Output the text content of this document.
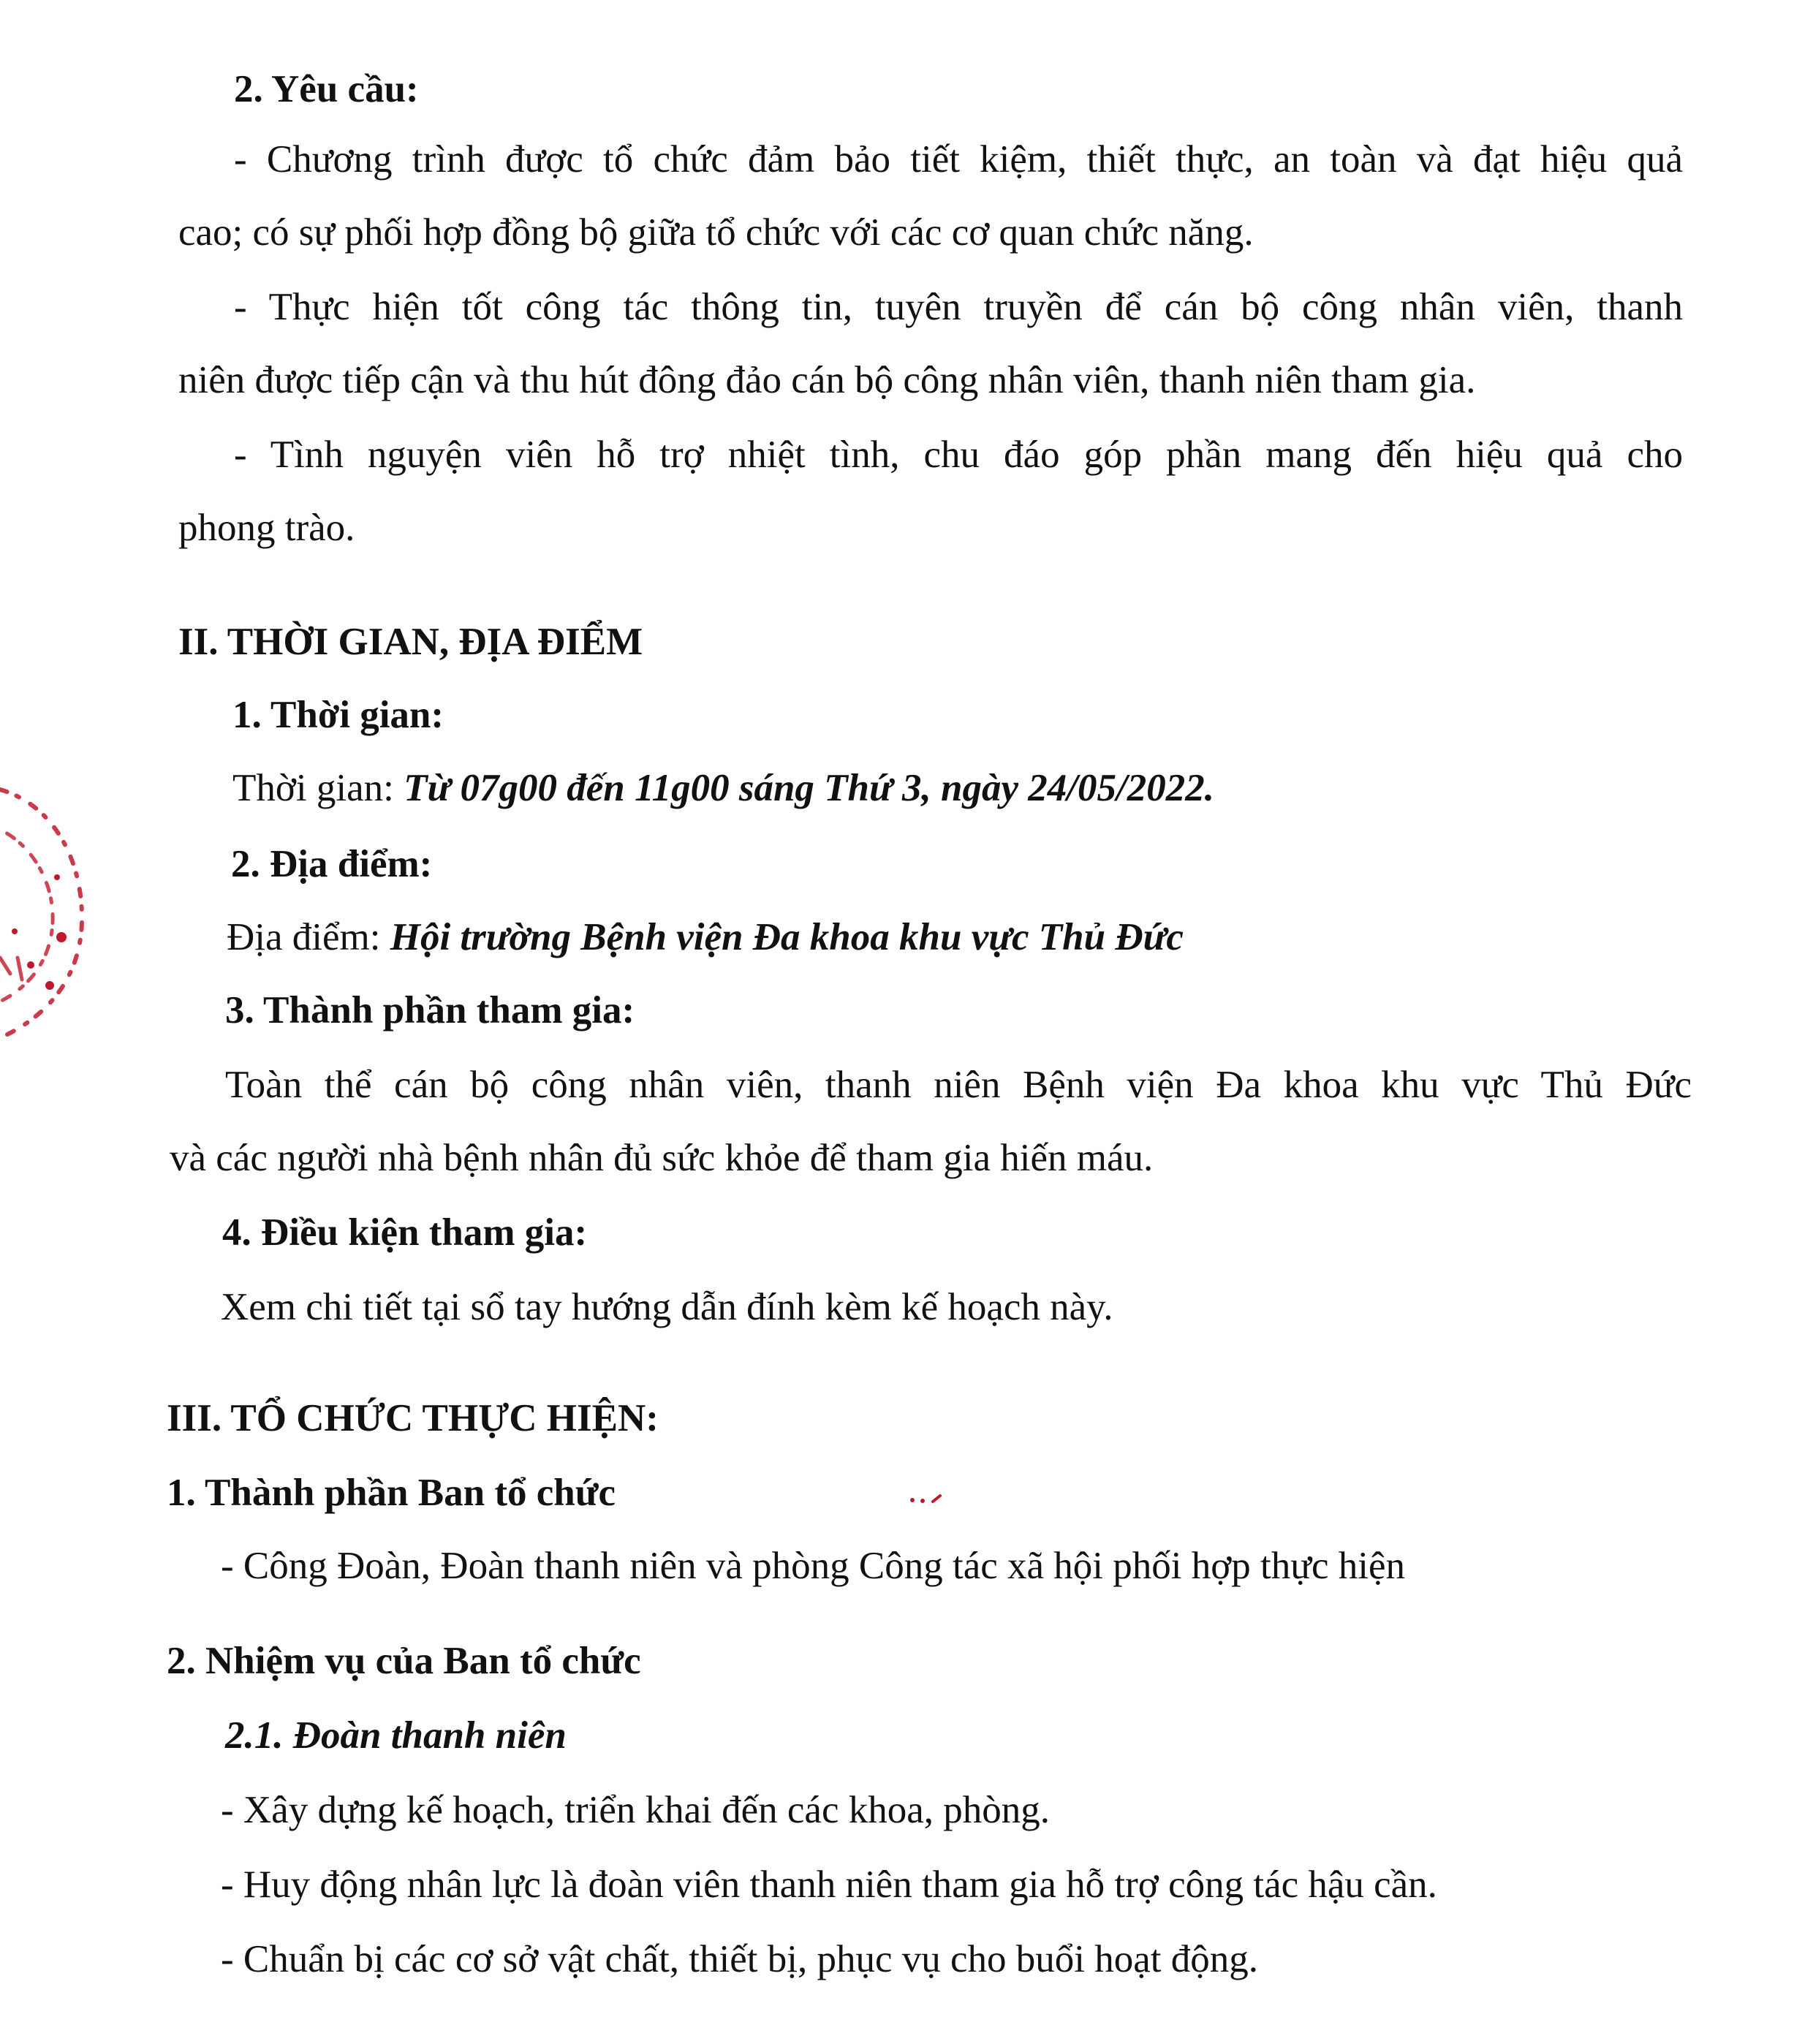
2. Yêu cầu:
- Chương trình được tổ chức đảm bảo tiết kiệm, thiết thực, an toàn và đạt hiệu quả
cao; có sự phối hợp đồng bộ giữa tổ chức với các cơ quan chức năng.
- Thực hiện tốt công tác thông tin, tuyên truyền để cán bộ công nhân viên, thanh
niên được tiếp cận và thu hút đông đảo cán bộ công nhân viên, thanh niên tham gia.
- Tình nguyện viên hỗ trợ nhiệt tình, chu đáo góp phần mang đến hiệu quả cho
phong trào.
II. THỜI GIAN, ĐỊA ĐIỂM
1. Thời gian:
Thời gian: Từ 07g00 đến 11g00 sáng Thứ 3, ngày 24/05/2022.
2. Địa điểm:
Địa điểm: Hội trường Bệnh viện Đa khoa khu vực Thủ Đức
3. Thành phần tham gia:
Toàn thể cán bộ công nhân viên, thanh niên Bệnh viện Đa khoa khu vực Thủ Đức
và các người nhà bệnh nhân đủ sức khỏe để tham gia hiến máu.
4. Điều kiện tham gia:
Xem chi tiết tại sổ tay hướng dẫn đính kèm kế hoạch này.
III. TỔ CHỨC THỰC HIỆN:
1. Thành phần Ban tổ chức
- Công Đoàn, Đoàn thanh niên và phòng Công tác xã hội phối hợp thực hiện
2. Nhiệm vụ của Ban tổ chức
2.1. Đoàn thanh niên
- Xây dựng kế hoạch, triển khai đến các khoa, phòng.
- Huy động nhân lực là đoàn viên thanh niên tham gia hỗ trợ công tác hậu cần.
- Chuẩn bị các cơ sở vật chất, thiết bị, phục vụ cho buổi hoạt động.
